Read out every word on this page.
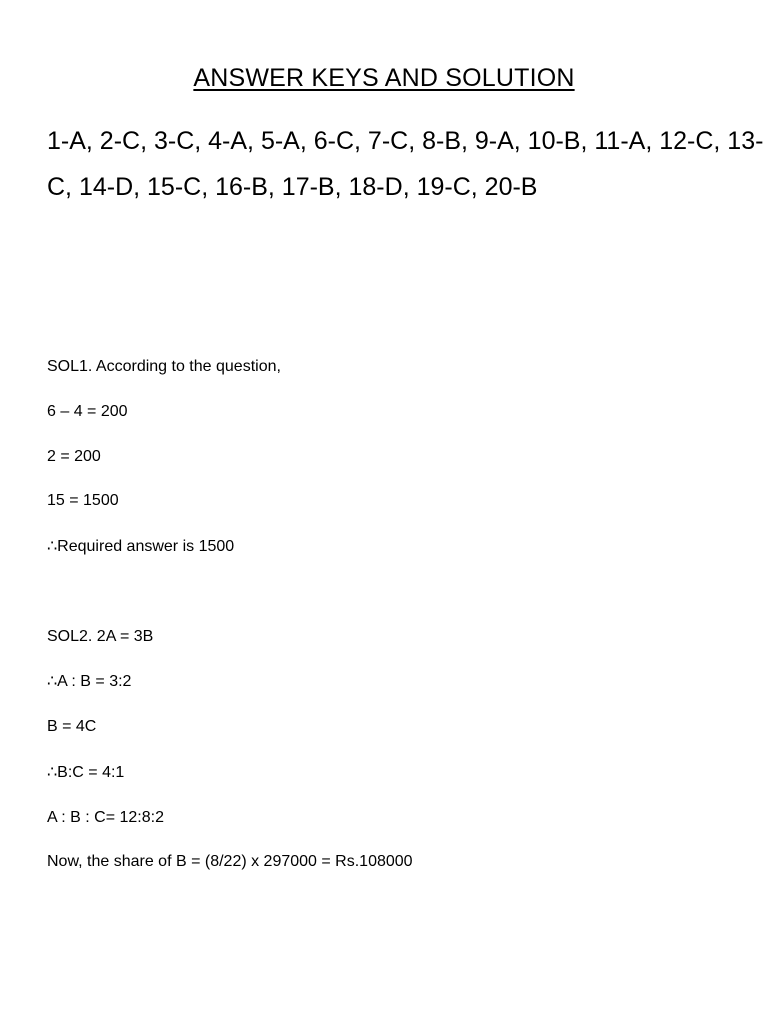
ANSWER KEYS AND SOLUTION
1-A, 2-C, 3-C, 4-A, 5-A, 6-C, 7-C, 8-B, 9-A, 10-B, 11-A, 12-C, 13-
C, 14-D, 15-C, 16-B, 17-B, 18-D, 19-C, 20-B
SOL1. According to the question,
6 – 4 = 200
2 = 200
15 = 1500
∴Required answer is 1500
SOL2. 2A = 3B
∴A : B = 3:2
B = 4C
∴B:C = 4:1
A : B : C= 12:8:2
Now, the share of B = (8/22) x 297000 = Rs.108000
